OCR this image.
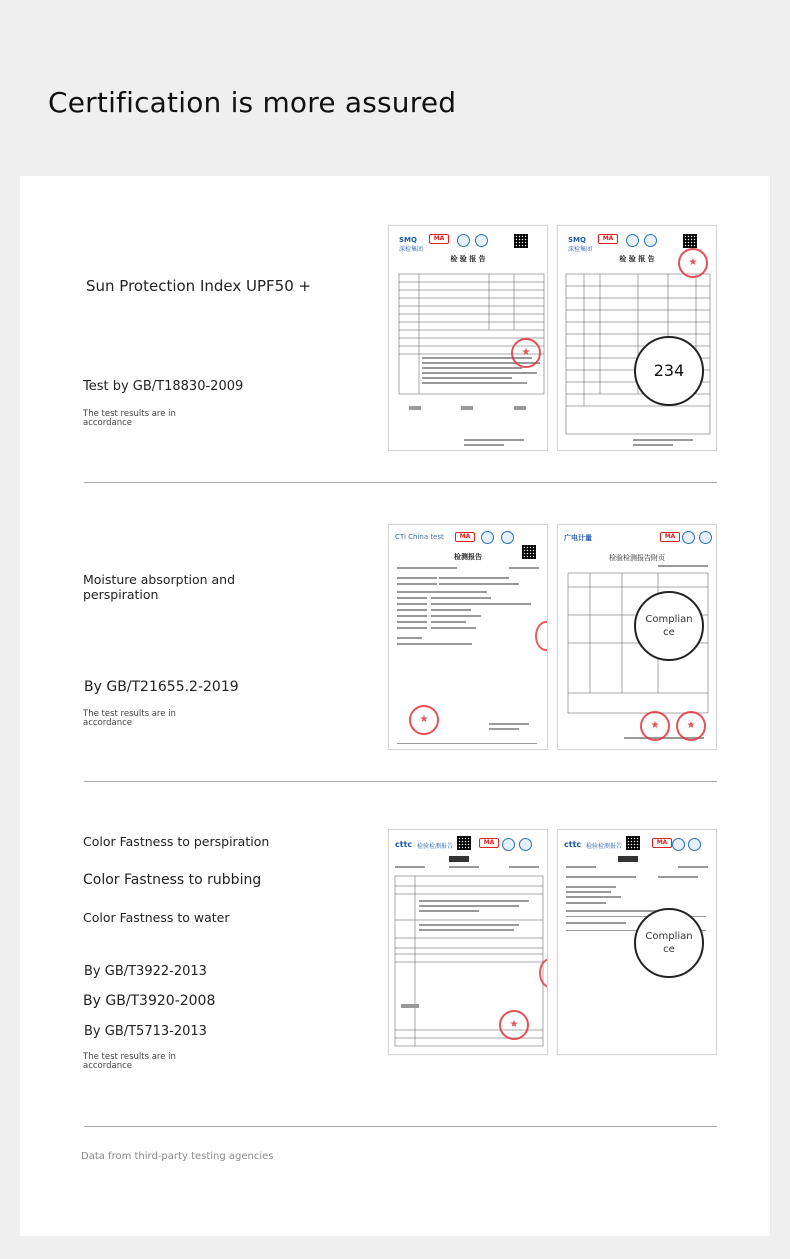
Certification is more assured
Sun Protection Index UPF50 +
Test by GB/T18830-2009
The test results are in accordance
SMQ
深检集团
MA
检 验 报 告
★
SMQ
深检集团
MA
检 验 报 告
★
234
Moisture absorption and perspiration
By GB/T21655.2-2019
The test results are in accordance
CTi China test	MA
检测报告
★
广电计量	MA
检验检测报告附页
★
★
Compliance
Color Fastness to perspiration
Color Fastness to rubbing
Color Fastness to water
By GB/T3922-2013
By GB/T3920-2008
By GB/T5713-2013
The test results are in accordance
cttc 检验检测报告
MA
★	cttc 检验检测报告
MA
Compliance
Data from third-party testing agencies
